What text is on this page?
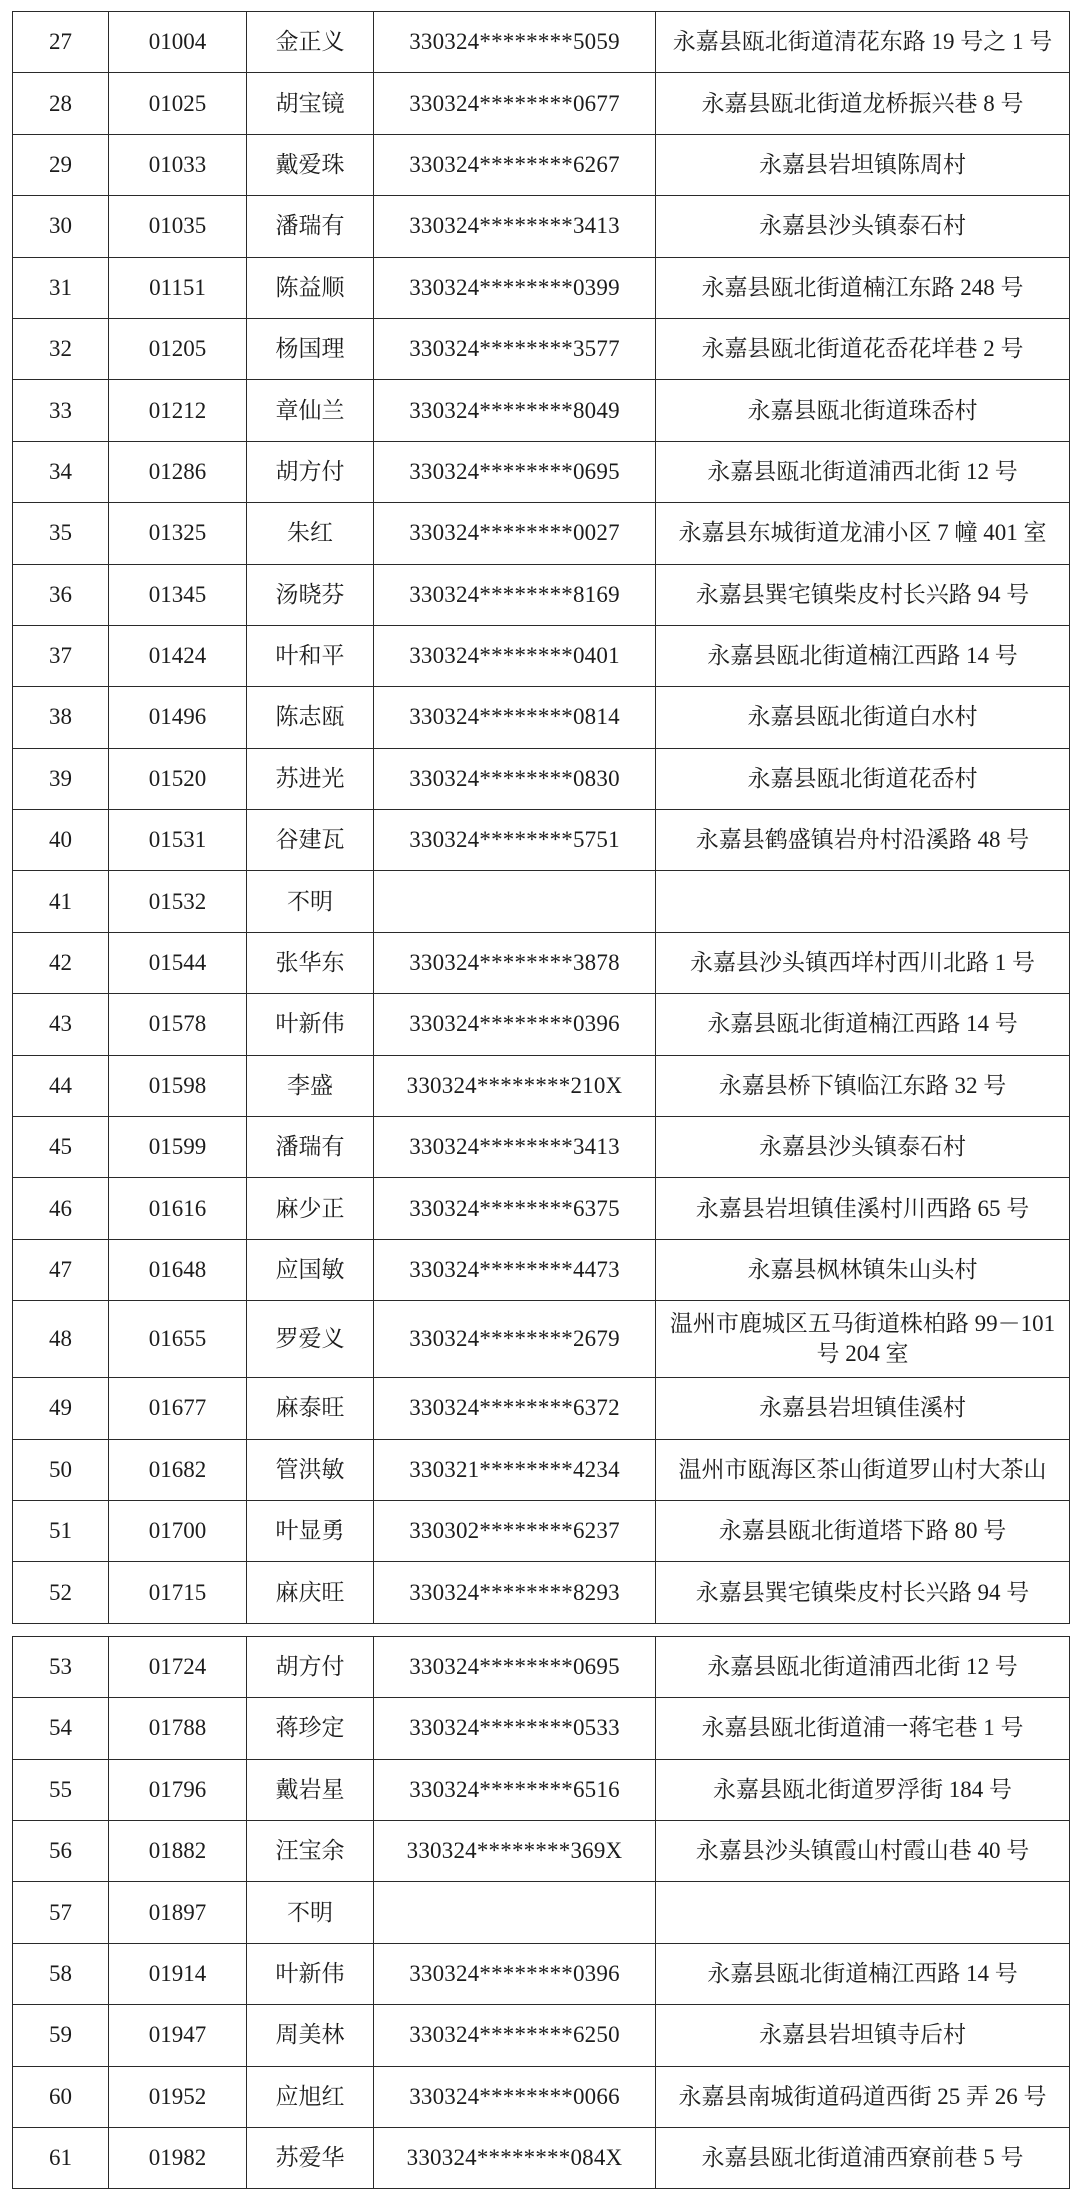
27	01004	金正义	330324********5059	永嘉县瓯北街道清花东路 19 号之 1 号
28	01025	胡宝镜	330324********0677	永嘉县瓯北街道龙桥振兴巷 8 号
29	01033	戴爱珠	330324********6267	永嘉县岩坦镇陈周村
30	01035	潘瑞有	330324********3413	永嘉县沙头镇泰石村
31	01151	陈益顺	330324********0399	永嘉县瓯北街道楠江东路 248 号
32	01205	杨国理	330324********3577	永嘉县瓯北街道花岙花垟巷 2 号
33	01212	章仙兰	330324********8049	永嘉县瓯北街道珠岙村
34	01286	胡方付	330324********0695	永嘉县瓯北街道浦西北街 12 号
35	01325	朱红	330324********0027	永嘉县东城街道龙浦小区 7 幢 401 室
36	01345	汤晓芬	330324********8169	永嘉县巽宅镇柴皮村长兴路 94 号
37	01424	叶和平	330324********0401	永嘉县瓯北街道楠江西路 14 号
38	01496	陈志瓯	330324********0814	永嘉县瓯北街道白水村
39	01520	苏进光	330324********0830	永嘉县瓯北街道花岙村
40	01531	谷建瓦	330324********5751	永嘉县鹤盛镇岩舟村沿溪路 48 号
41	01532	不明		
42	01544	张华东	330324********3878	永嘉县沙头镇西垟村西川北路 1 号
43	01578	叶新伟	330324********0396	永嘉县瓯北街道楠江西路 14 号
44	01598	李盛	330324********210X	永嘉县桥下镇临江东路 32 号
45	01599	潘瑞有	330324********3413	永嘉县沙头镇泰石村
46	01616	麻少正	330324********6375	永嘉县岩坦镇佳溪村川西路 65 号
47	01648	应国敏	330324********4473	永嘉县枫林镇朱山头村
48	01655	罗爱义	330324********2679	温州市鹿城区五马街道株柏路 99－101 号 204 室
49	01677	麻泰旺	330324********6372	永嘉县岩坦镇佳溪村
50	01682	管洪敏	330321********4234	温州市瓯海区茶山街道罗山村大茶山
51	01700	叶显勇	330302********6237	永嘉县瓯北街道塔下路 80 号
52	01715	麻庆旺	330324********8293	永嘉县巽宅镇柴皮村长兴路 94 号
53	01724	胡方付	330324********0695	永嘉县瓯北街道浦西北街 12 号
54	01788	蒋珍定	330324********0533	永嘉县瓯北街道浦一蒋宅巷 1 号
55	01796	戴岩星	330324********6516	永嘉县瓯北街道罗浮街 184 号
56	01882	汪宝余	330324********369X	永嘉县沙头镇霞山村霞山巷 40 号
57	01897	不明		
58	01914	叶新伟	330324********0396	永嘉县瓯北街道楠江西路 14 号
59	01947	周美林	330324********6250	永嘉县岩坦镇寺后村
60	01952	应旭红	330324********0066	永嘉县南城街道码道西街 25 弄 26 号
61	01982	苏爱华	330324********084X	永嘉县瓯北街道浦西寮前巷 5 号
